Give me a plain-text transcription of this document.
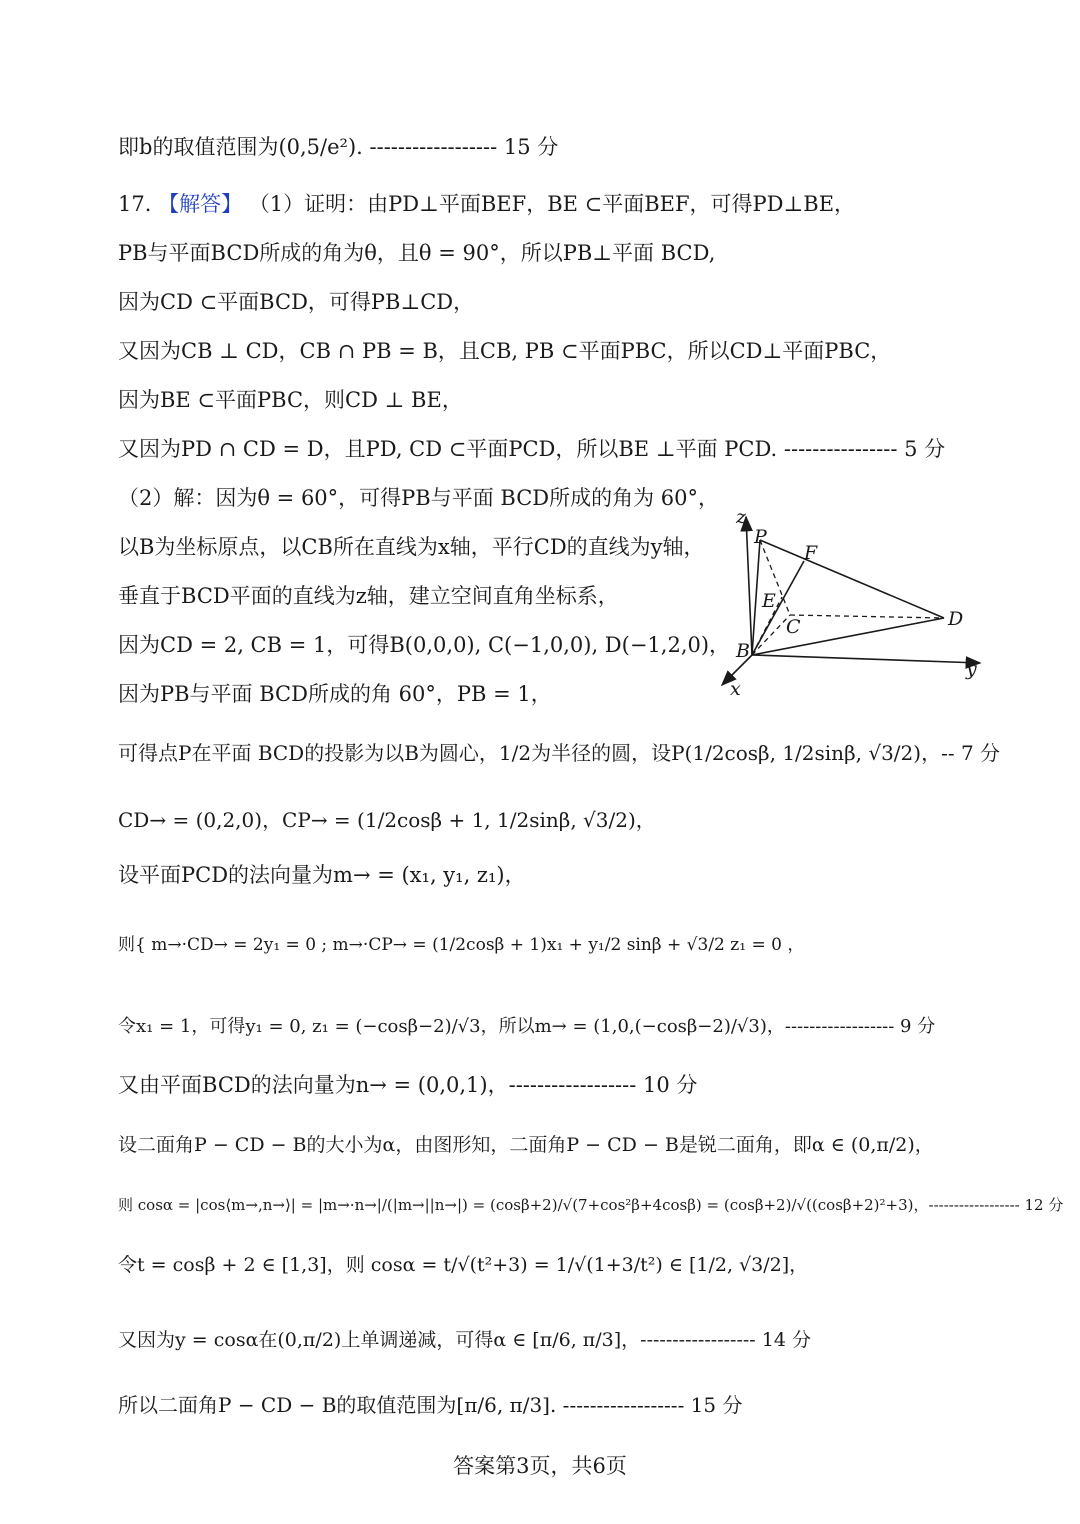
即b的取值范围为(0,5/e²). ------------------ 15 分
17. 【解答】 （1）证明：由PD⊥平面BEF，BE ⊂平面BEF，可得PD⊥BE，
PB与平面BCD所成的角为θ，且θ = 90°，所以PB⊥平面 BCD,
因为CD ⊂平面BCD，可得PB⊥CD，
又因为CB ⊥ CD，CB ∩ PB = B，且CB, PB ⊂平面PBC，所以CD⊥平面PBC，
因为BE ⊂平面PBC，则CD ⊥ BE，
又因为PD ∩ CD = D，且PD, CD ⊂平面PCD，所以BE ⊥平面 PCD. ---------------- 5 分
（2）解：因为θ = 60°，可得PB与平面 BCD所成的角为 60°，
以B为坐标原点，以CB所在直线为x轴，平行CD的直线为y轴，
垂直于BCD平面的直线为z轴，建立空间直角坐标系，
因为CD = 2, CB = 1，可得B(0,0,0), C(−1,0,0), D(−1,2,0)，
因为PB与平面 BCD所成的角 60°，PB = 1，
可得点P在平面 BCD的投影为以B为圆心，1/2为半径的圆，设P(1/2cosβ, 1/2sinβ, √3/2)，-- 7 分
CD→ = (0,2,0)，CP→ = (1/2cosβ + 1, 1/2sinβ, √3/2)，
设平面PCD的法向量为m→ = (x₁, y₁, z₁)，
则{ m→·CD→ = 2y₁ = 0 ; m→·CP→ = (1/2cosβ + 1)x₁ + y₁/2 sinβ + √3/2 z₁ = 0 ，
令x₁ = 1，可得y₁ = 0, z₁ = (−cosβ−2)/√3，所以m→ = (1,0,(−cosβ−2)/√3)，------------------ 9 分
又由平面BCD的法向量为n→ = (0,0,1)，------------------ 10 分
设二面角P − CD − B的大小为α，由图形知，二面角P − CD − B是锐二面角，即α ∈ (0,π/2)，
则 cosα = |cos⟨m→,n→⟩| = |m→·n→|/(|m→||n→|) = (cosβ+2)/√(7+cos²β+4cosβ) = (cosβ+2)/√((cosβ+2)²+3)，------------------ 12 分
令t = cosβ + 2 ∈ [1,3]，则 cosα = t/√(t²+3) = 1/√(1+3/t²) ∈ [1/2, √3/2]，
又因为y = cosα在(0,π/2)上单调递减，可得α ∈ [π/6, π/3]，------------------ 14 分
所以二面角P − CD − B的取值范围为[π/6, π/3]. ------------------ 15 分
z
P
F
E
C	D
B
x
y
答案第3页，共6页
